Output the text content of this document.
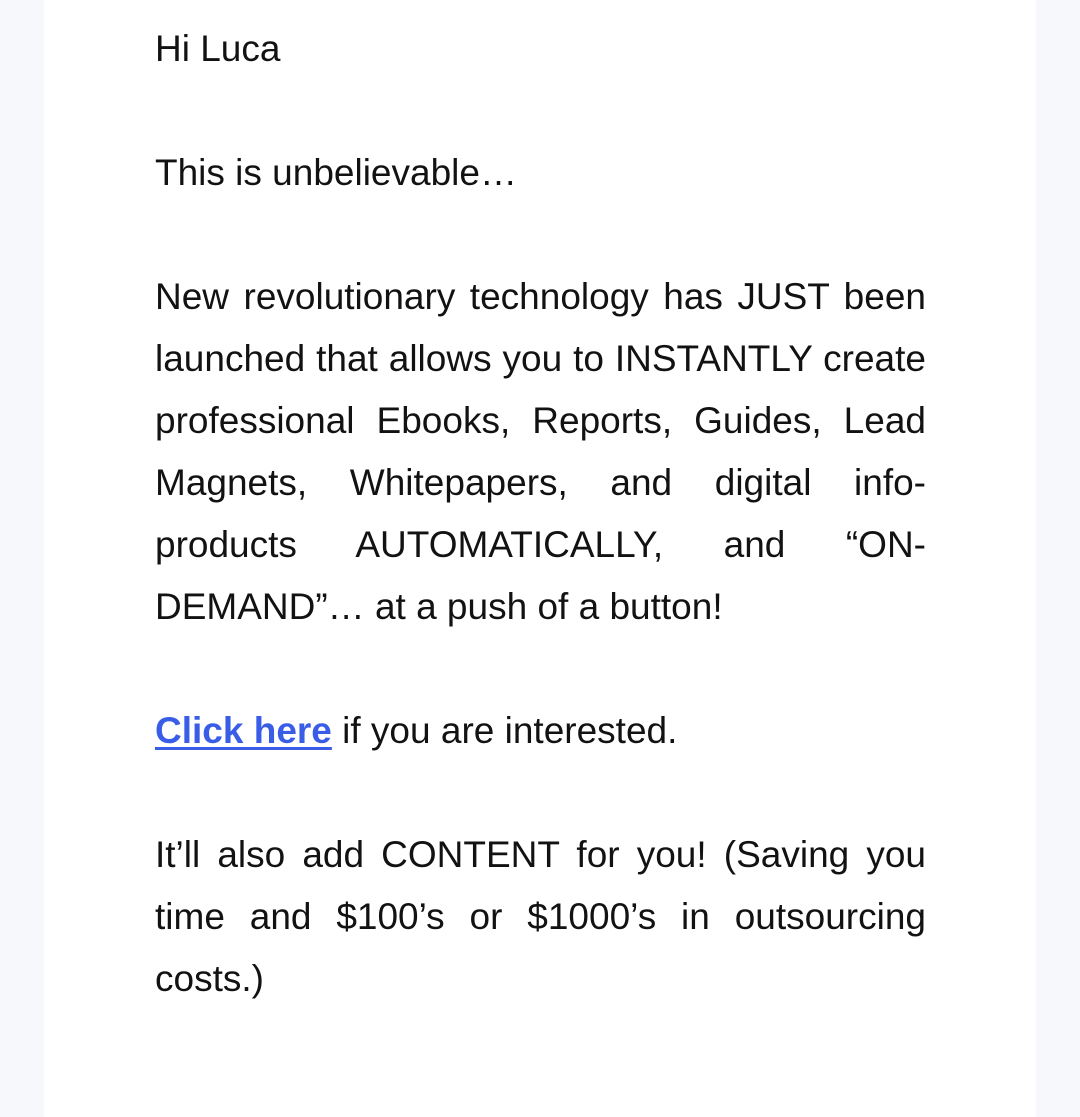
Hi Luca

This is unbelievable…

New revolutionary technology has JUST been launched that allows you to INSTANTLY create professional Ebooks, Reports, Guides, Lead Magnets, Whitepapers, and digital info-products AUTOMATICALLY, and “ON-DEMAND”… at a push of a button!

Click here if you are interested.

It’ll also add CONTENT for you! (Saving you time and $100’s or $1000’s in outsourcing costs.)
